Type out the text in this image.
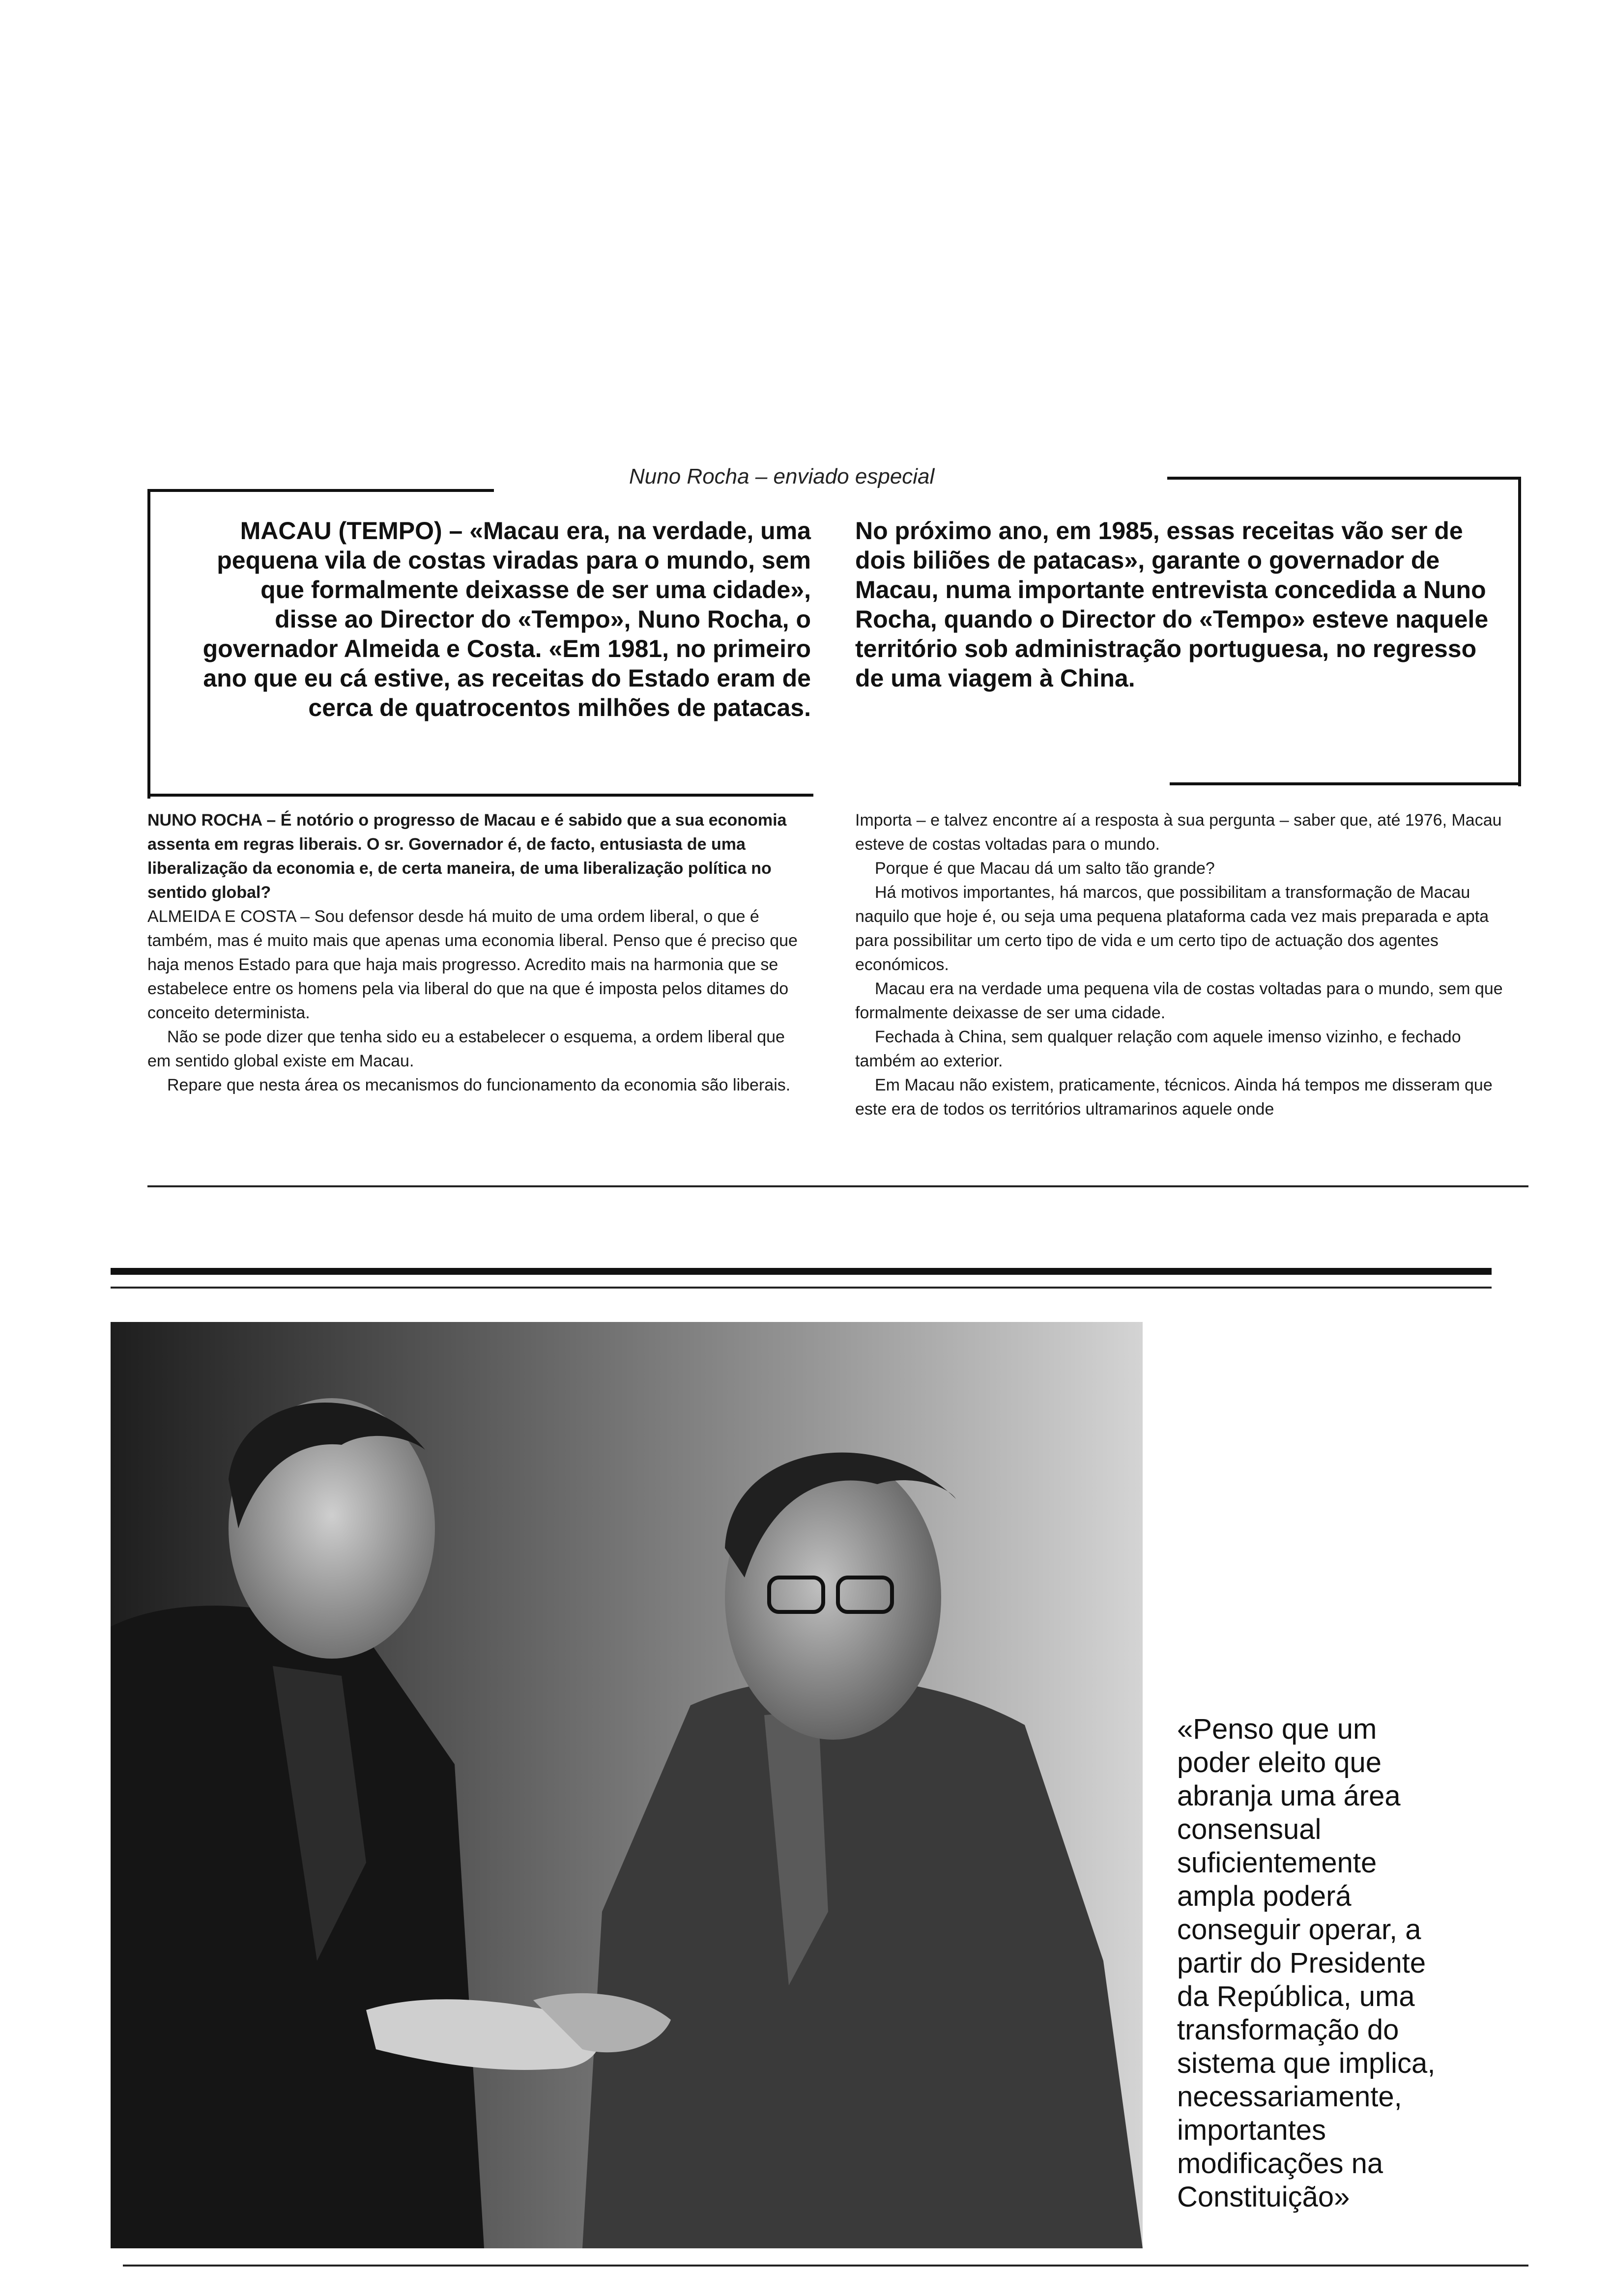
Nuno Rocha – enviado especial
MACAU (TEMPO) – «Macau era, na verdade, uma pequena vila de costas viradas para o mundo, sem que formalmente deixasse de ser uma cidade», disse ao Director do «Tempo», Nuno Rocha, o governador Almeida e Costa. «Em 1981, no primeiro ano que eu cá estive, as receitas do Estado eram de cerca de quatrocentos milhões de patacas.
No próximo ano, em 1985, essas receitas vão ser de dois biliões de patacas», garante o governador de Macau, numa importante entrevista concedida a Nuno Rocha, quando o Director do «Tempo» esteve naquele território sob administração portuguesa, no regresso de uma viagem à China.

NUNO ROCHA – É notório o progresso de Macau e é sabido que a sua economia assenta em regras liberais. O sr. Governador é, de facto, entusiasta de uma liberalização da economia e, de certa maneira, de uma liberalização política no sentido global?

ALMEIDA E COSTA – Sou defensor desde há muito de uma ordem liberal, o que é também, mas é muito mais que apenas uma economia liberal. Penso que é preciso que haja menos Estado para que haja mais progresso. Acredito mais na harmonia que se estabelece entre os homens pela via liberal do que na que é imposta pelos ditames do conceito determinista.

Não se pode dizer que tenha sido eu a estabelecer o esquema, a ordem liberal que em sentido global existe em Macau.

Repare que nesta área os mecanismos do funcionamento da economia são liberais.

Importa – e talvez encontre aí a resposta à sua pergunta – saber que, até 1976, Macau esteve de costas voltadas para o mundo.

Porque é que Macau dá um salto tão grande?

Há motivos importantes, há marcos, que possibilitam a transformação de Macau naquilo que hoje é, ou seja uma pequena plataforma cada vez mais preparada e apta para possibilitar um certo tipo de vida e um certo tipo de actuação dos agentes económicos.

Macau era na verdade uma pequena vila de costas voltadas para o mundo, sem que formalmente deixasse de ser uma cidade.

Fechada à China, sem qualquer relação com aquele imenso vizinho, e fechado também ao exterior.

Em Macau não existem, praticamente, técnicos. Ainda há tempos me disseram que este era de todos os territórios ultramarinos aquele onde

«Penso que um

poder eleito que

abranja uma área

consensual

suficientemente

ampla poderá

conseguir operar, a

partir do Presidente

da República, uma

transformação do

sistema que implica,

necessariamente,

importantes

modificações na

Constituição»
